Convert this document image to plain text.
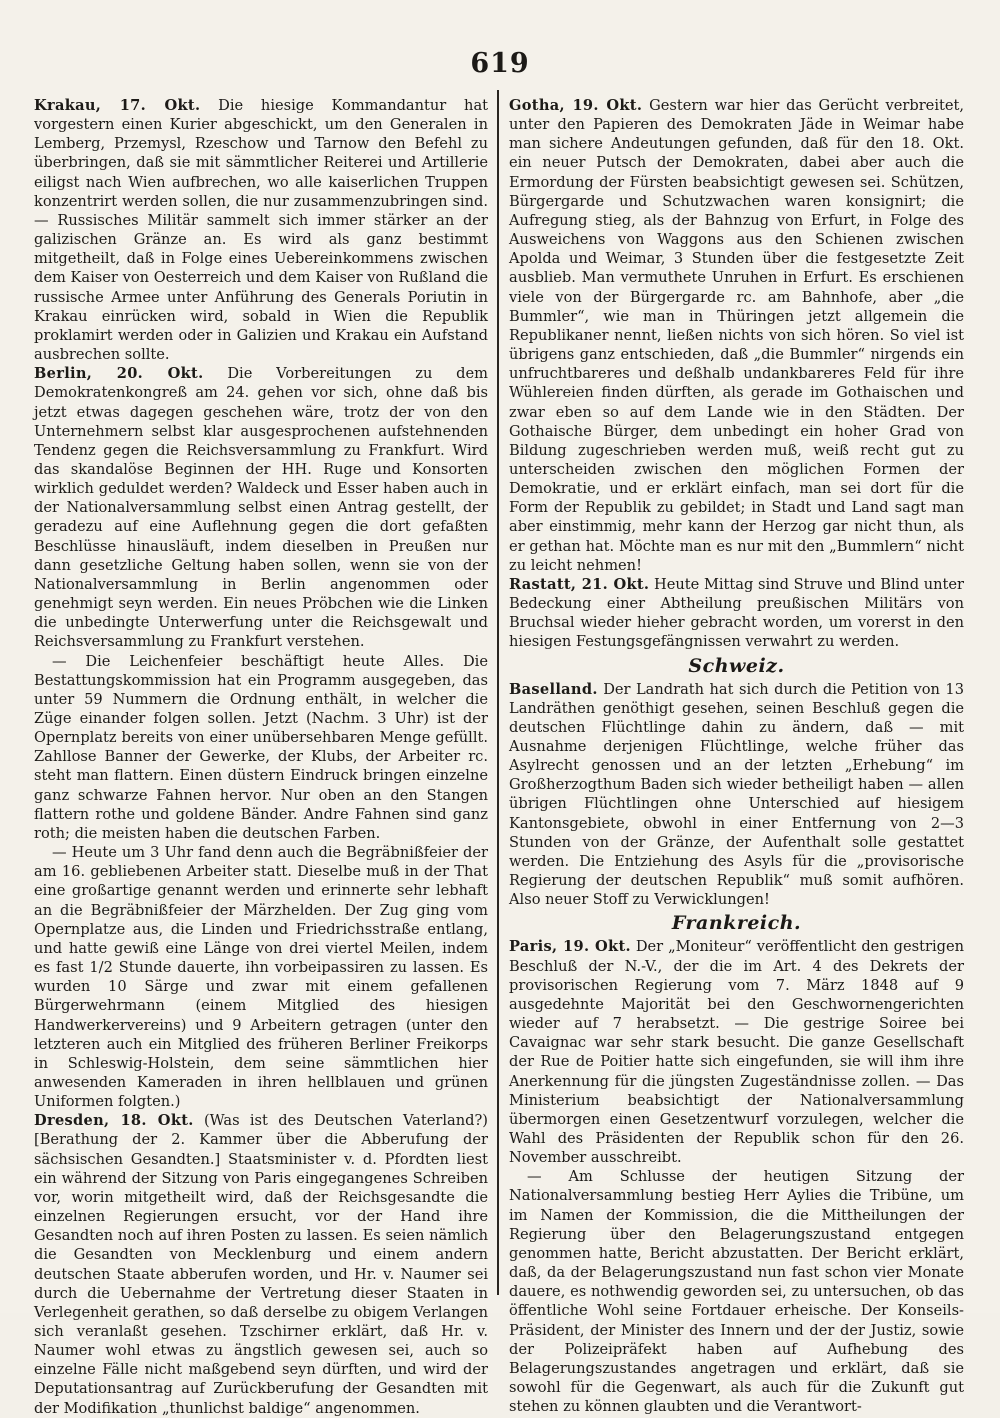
619

Krakau, 17. Okt. Die hiesige Kommandantur hat vorgestern einen Kurier abgeschickt, um den Generalen in Lemberg, Przemysl, Rzeschow und Tarnow den Befehl zu überbringen, daß sie mit sämmtlicher Reiterei und Artillerie eiligst nach Wien aufbrechen, wo alle kaiserlichen Truppen konzentrirt werden sollen, die nur zusammenzubringen sind. — Russisches Militär sammelt sich immer stärker an der galizischen Gränze an. Es wird als ganz bestimmt mitgetheilt, daß in Folge eines Uebereinkommens zwischen dem Kaiser von Oesterreich und dem Kaiser von Rußland die russische Armee unter Anführung des Generals Poriutin in Krakau einrücken wird, sobald in Wien die Republik proklamirt werden oder in Galizien und Krakau ein Aufstand ausbrechen sollte.

Berlin, 20. Okt. Die Vorbereitungen zu dem Demokratenkongreß am 24. gehen vor sich, ohne daß bis jetzt etwas dagegen geschehen wäre, trotz der von den Unternehmern selbst klar ausgesprochenen aufstehnenden Tendenz gegen die Reichsversammlung zu Frankfurt. Wird das skandalöse Beginnen der HH. Ruge und Konsorten wirklich geduldet werden? Waldeck und Esser haben auch in der Nationalversammlung selbst einen Antrag gestellt, der geradezu auf eine Auflehnung gegen die dort gefaßten Beschlüsse hinausläuft, indem dieselben in Preußen nur dann gesetzliche Geltung haben sollen, wenn sie von der Nationalversammlung in Berlin angenommen oder genehmigt seyn werden. Ein neues Pröbchen wie die Linken die unbedingte Unterwerfung unter die Reichsgewalt und Reichsversammlung zu Frankfurt verstehen.

— Die Leichenfeier beschäftigt heute Alles. Die Bestattungskommission hat ein Programm ausgegeben, das unter 59 Nummern die Ordnung enthält, in welcher die Züge einander folgen sollen. Jetzt (Nachm. 3 Uhr) ist der Opernplatz bereits von einer unübersehbaren Menge gefüllt. Zahllose Banner der Gewerke, der Klubs, der Arbeiter rc. steht man flattern. Einen düstern Eindruck bringen einzelne ganz schwarze Fahnen hervor. Nur oben an den Stangen flattern rothe und goldene Bänder. Andre Fahnen sind ganz roth; die meisten haben die deutschen Farben.

— Heute um 3 Uhr fand denn auch die Begräbnißfeier der am 16. gebliebenen Arbeiter statt. Dieselbe muß in der That eine großartige genannt werden und erinnerte sehr lebhaft an die Begräbnißfeier der Märzhelden. Der Zug ging vom Opernplatze aus, die Linden und Friedrichsstraße entlang, und hatte gewiß eine Länge von drei viertel Meilen, indem es fast 1/2 Stunde dauerte, ihn vorbeipassiren zu lassen. Es wurden 10 Särge und zwar mit einem gefallenen Bürgerwehrmann (einem Mitglied des hiesigen Handwerkervereins) und 9 Arbeitern getragen (unter den letzteren auch ein Mitglied des früheren Berliner Freikorps in Schleswig-Holstein, dem seine sämmtlichen hier anwesenden Kameraden in ihren hellblauen und grünen Uniformen folgten.)

Dresden, 18. Okt. (Was ist des Deutschen Vaterland?) [Berathung der 2. Kammer über die Abberufung der sächsischen Gesandten.] Staatsminister v. d. Pfordten liest ein während der Sitzung von Paris eingegangenes Schreiben vor, worin mitgetheilt wird, daß der Reichsgesandte die einzelnen Regierungen ersucht, vor der Hand ihre Gesandten noch auf ihren Posten zu lassen. Es seien nämlich die Gesandten von Mecklenburg und einem andern deutschen Staate abberufen worden, und Hr. v. Naumer sei durch die Uebernahme der Vertretung dieser Staaten in Verlegenheit gerathen, so daß derselbe zu obigem Verlangen sich veranlaßt gesehen. Tzschirner erklärt, daß Hr. v. Naumer wohl etwas zu ängstlich gewesen sei, auch so einzelne Fälle nicht maßgebend seyn dürften, und wird der Deputationsantrag auf Zurückberufung der Gesandten mit der Modifikation „thunlichst baldige“ angenommen.

Gotha, 19. Okt. Gestern war hier das Gerücht verbreitet, unter den Papieren des Demokraten Jäde in Weimar habe man sichere Andeutungen gefunden, daß für den 18. Okt. ein neuer Putsch der Demokraten, dabei aber auch die Ermordung der Fürsten beabsichtigt gewesen sei. Schützen, Bürgergarde und Schutzwachen waren konsignirt; die Aufregung stieg, als der Bahnzug von Erfurt, in Folge des Ausweichens von Waggons aus den Schienen zwischen Apolda und Weimar, 3 Stunden über die festgesetzte Zeit ausblieb. Man vermuthete Unruhen in Erfurt. Es erschienen viele von der Bürgergarde rc. am Bahnhofe, aber „die Bummler“, wie man in Thüringen jetzt allgemein die Republikaner nennt, ließen nichts von sich hören. So viel ist übrigens ganz entschieden, daß „die Bummler“ nirgends ein unfruchtbareres und deßhalb undankbareres Feld für ihre Wühlereien finden dürften, als gerade im Gothaischen und zwar eben so auf dem Lande wie in den Städten. Der Gothaische Bürger, dem unbedingt ein hoher Grad von Bildung zugeschrieben werden muß, weiß recht gut zu unterscheiden zwischen den möglichen Formen der Demokratie, und er erklärt einfach, man sei dort für die Form der Republik zu gebildet; in Stadt und Land sagt man aber einstimmig, mehr kann der Herzog gar nicht thun, als er gethan hat. Möchte man es nur mit den „Bummlern“ nicht zu leicht nehmen!

Rastatt, 21. Okt. Heute Mittag sind Struve und Blind unter Bedeckung einer Abtheilung preußischen Militärs von Bruchsal wieder hieher gebracht worden, um vorerst in den hiesigen Festungsgefängnissen verwahrt zu werden.

Schweiz.

Baselland. Der Landrath hat sich durch die Petition von 13 Landräthen genöthigt gesehen, seinen Beschluß gegen die deutschen Flüchtlinge dahin zu ändern, daß — mit Ausnahme derjenigen Flüchtlinge, welche früher das Asylrecht genossen und an der letzten „Erhebung“ im Großherzogthum Baden sich wieder betheiligt haben — allen übrigen Flüchtlingen ohne Unterschied auf hiesigem Kantonsgebiete, obwohl in einer Entfernung von 2—3 Stunden von der Gränze, der Aufenthalt solle gestattet werden. Die Entziehung des Asyls für die „provisorische Regierung der deutschen Republik“ muß somit aufhören. Also neuer Stoff zu Verwicklungen!

Frankreich.

Paris, 19. Okt. Der „Moniteur“ veröffentlicht den gestrigen Beschluß der N.-V., der die im Art. 4 des Dekrets der provisorischen Regierung vom 7. März 1848 auf 9 ausgedehnte Majorität bei den Geschwornengerichten wieder auf 7 herabsetzt. — Die gestrige Soiree bei Cavaignac war sehr stark besucht. Die ganze Gesellschaft der Rue de Poitier hatte sich eingefunden, sie will ihm ihre Anerkennung für die jüngsten Zugeständnisse zollen. — Das Ministerium beabsichtigt der Nationalversammlung übermorgen einen Gesetzentwurf vorzulegen, welcher die Wahl des Präsidenten der Republik schon für den 26. November ausschreibt.

— Am Schlusse der heutigen Sitzung der Nationalversammlung bestieg Herr Aylies die Tribüne, um im Namen der Kommission, die die Mittheilungen der Regierung über den Belagerungszustand entgegen genommen hatte, Bericht abzustatten. Der Bericht erklärt, daß, da der Belagerungszustand nun fast schon vier Monate dauere, es nothwendig geworden sei, zu untersuchen, ob das öffentliche Wohl seine Fortdauer erheische. Der Konseils-Präsident, der Minister des Innern und der der Justiz, sowie der Polizeipräfekt haben auf Aufhebung des Belagerungszustandes angetragen und erklärt, daß sie sowohl für die Gegenwart, als auch für die Zukunft gut stehen zu können glaubten und die Verantwort-
